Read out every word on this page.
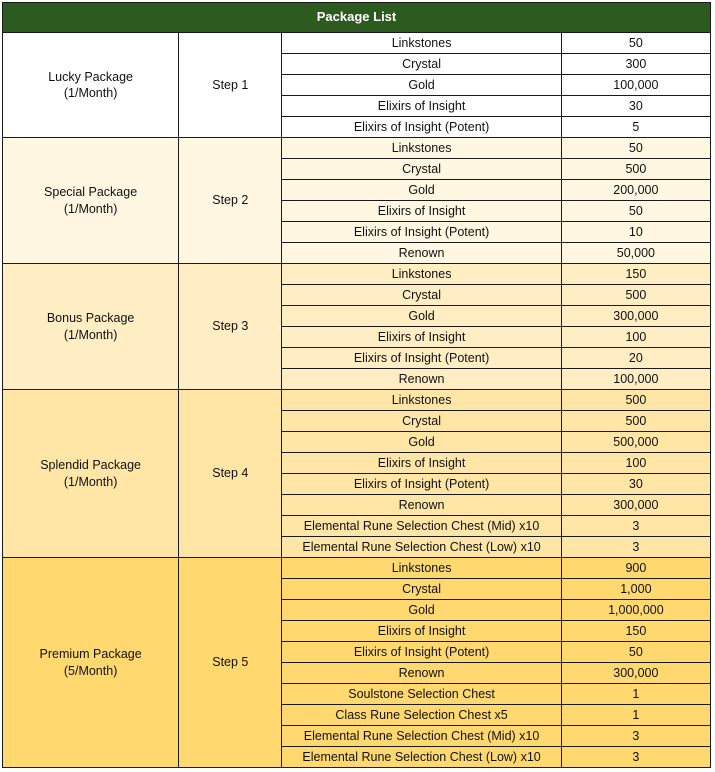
Package List			

Lucky Package
(1/Month)	Step 1	Linkstones	50
		Crystal	300
		Gold	100,000
		Elixirs of Insight	30
		Elixirs of Insight (Potent)	5

Special Package
(1/Month)	Step 2	Linkstones	50
		Crystal	500
		Gold	200,000
		Elixirs of Insight	50
		Elixirs of Insight (Potent)	10
		Renown	50,000

Bonus Package
(1/Month)	Step 3	Linkstones	150
		Crystal	500
		Gold	300,000
		Elixirs of Insight	100
		Elixirs of Insight (Potent)	20
		Renown	100,000

Splendid Package
(1/Month)	Step 4	Linkstones	500
		Crystal	500
		Gold	500,000
		Elixirs of Insight	100
		Elixirs of Insight (Potent)	30
		Renown	300,000
		Elemental Rune Selection Chest (Mid) x10	3
		Elemental Rune Selection Chest (Low) x10	3

Premium Package
(5/Month)	Step 5	Linkstones	900
		Crystal	1,000
		Gold	1,000,000
		Elixirs of Insight	150
		Elixirs of Insight (Potent)	50
		Renown	300,000
		Soulstone Selection Chest	1
		Class Rune Selection Chest x5	1
		Elemental Rune Selection Chest (Mid) x10	3
		Elemental Rune Selection Chest (Low) x10	3
